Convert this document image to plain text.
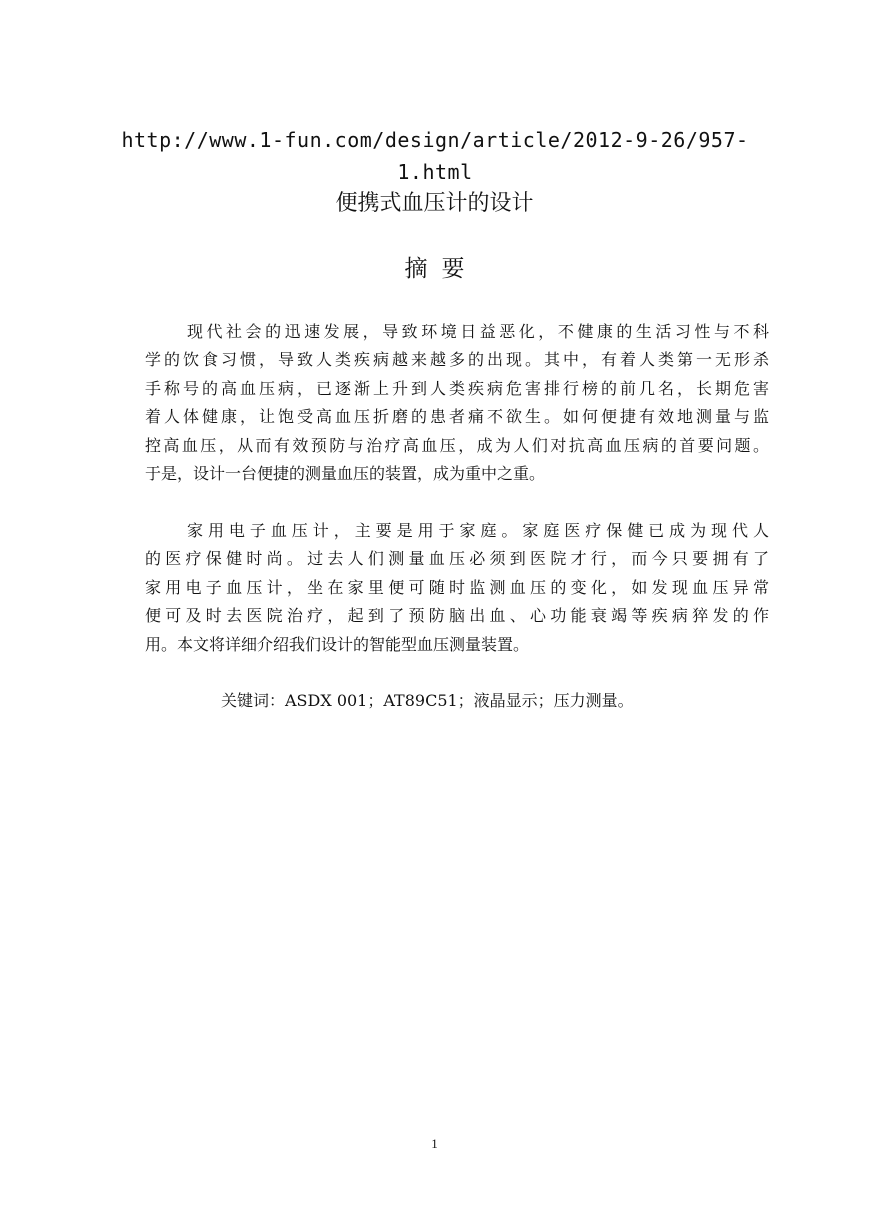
http://www.1-fun.com/design/article/2012-9-26/957-
1.html
便携式血压计的设计
摘要
现代社会的迅速发展，导致环境日益恶化，不健康的生活习性与不科
学的饮食习惯，导致人类疾病越来越多的出现。其中，有着人类第一无形杀
手称号的高血压病，已逐渐上升到人类疾病危害排行榜的前几名，长期危害
着人体健康，让饱受高血压折磨的患者痛不欲生。如何便捷有效地测量与监
控高血压，从而有效预防与治疗高血压，成为人们对抗高血压病的首要问题。
于是，设计一台便捷的测量血压的装置，成为重中之重。
家用电子血压计，主要是用于家庭。家庭医疗保健已成为现代人
的医疗保健时尚。过去人们测量血压必须到医院才行，而今只要拥有了
家用电子血压计，坐在家里便可随时监测血压的变化，如发现血压异常
便可及时去医院治疗，起到了预防脑出血、心功能衰竭等疾病猝发的作
用。本文将详细介绍我们设计的智能型血压测量装置。
关键词：ASDX 001；AT89C51；液晶显示；压力测量。
1
